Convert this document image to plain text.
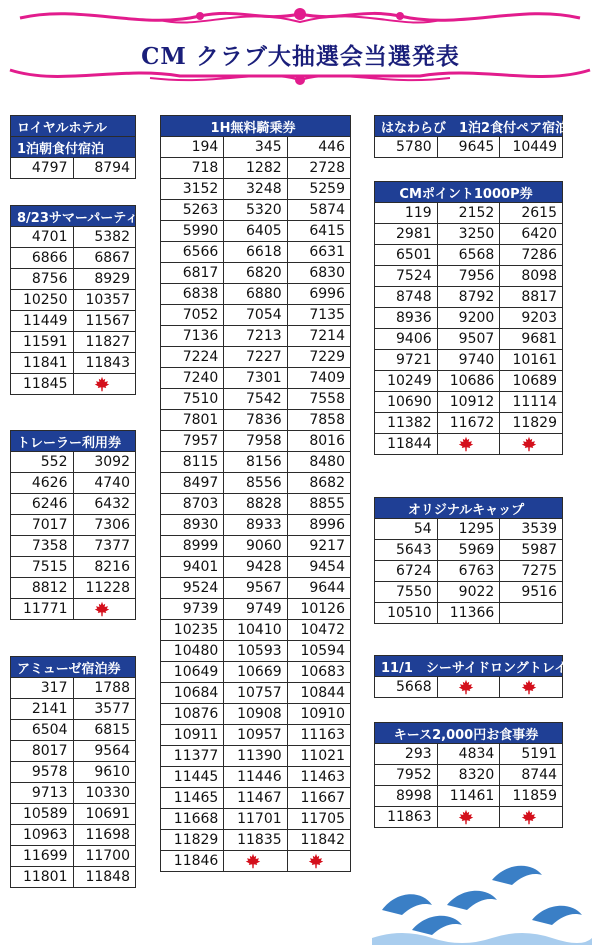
CM クラブ大抽選会当選発表
ロイヤルホテル
1泊朝食付宿泊
4797	8794
8/23サマーパーティー	
4701	5382
6866	6867
8756	8929
10250	10357
11449	11567
11591	11827
11841	11843
11845	
トレーラー利用券	
552	3092
4626	4740
6246	6432
7017	7306
7358	7377
7515	8216
8812	11228
11771	
アミューゼ宿泊券	
317	1788
2141	3577
6504	6815
8017	9564
9578	9610
9713	10330
10589	10691
10963	11698
11699	11700
11801	11848
1H無料騎乗券		
194	345	446
718	1282	2728
3152	3248	5259
5263	5320	5874
5990	6405	6415
6566	6618	6631
6817	6820	6830
6838	6880	6996
7052	7054	7135
7136	7213	7214
7224	7227	7229
7240	7301	7409
7510	7542	7558
7801	7836	7858
7957	7958	8016
8115	8156	8480
8497	8556	8682
8703	8828	8855
8930	8933	8996
8999	9060	9217
9401	9428	9454
9524	9567	9644
9739	9749	10126
10235	10410	10472
10480	10593	10594
10649	10669	10683
10684	10757	10844
10876	10908	10910
10911	10957	11163
11377	11390	11021
11445	11446	11463
11465	11467	11667
11668	11701	11705
11829	11835	11842
11846	

はなわらび　1泊2食付ペア宿泊
5780	9645	10449
CMポイント1000P券		
119	2152	2615
2981	3250	6420
6501	6568	7286
7524	7956	8098
8748	8792	8817
8936	9200	9203
9406	9507	9681
9721	9740	10161
10249	10686	10689
10690	10912	11114
11382	11672	11829
11844	

オリジナルキャップ		
54	1295	3539
5643	5969	5987
6724	6763	7275
7550	9022	9516
10510	11366	
11/1　シーサイドロングトレイル
5668	

キース2,000円お食事券		
293	4834	5191
7952	8320	8744
8998	11461	11859
11863	
